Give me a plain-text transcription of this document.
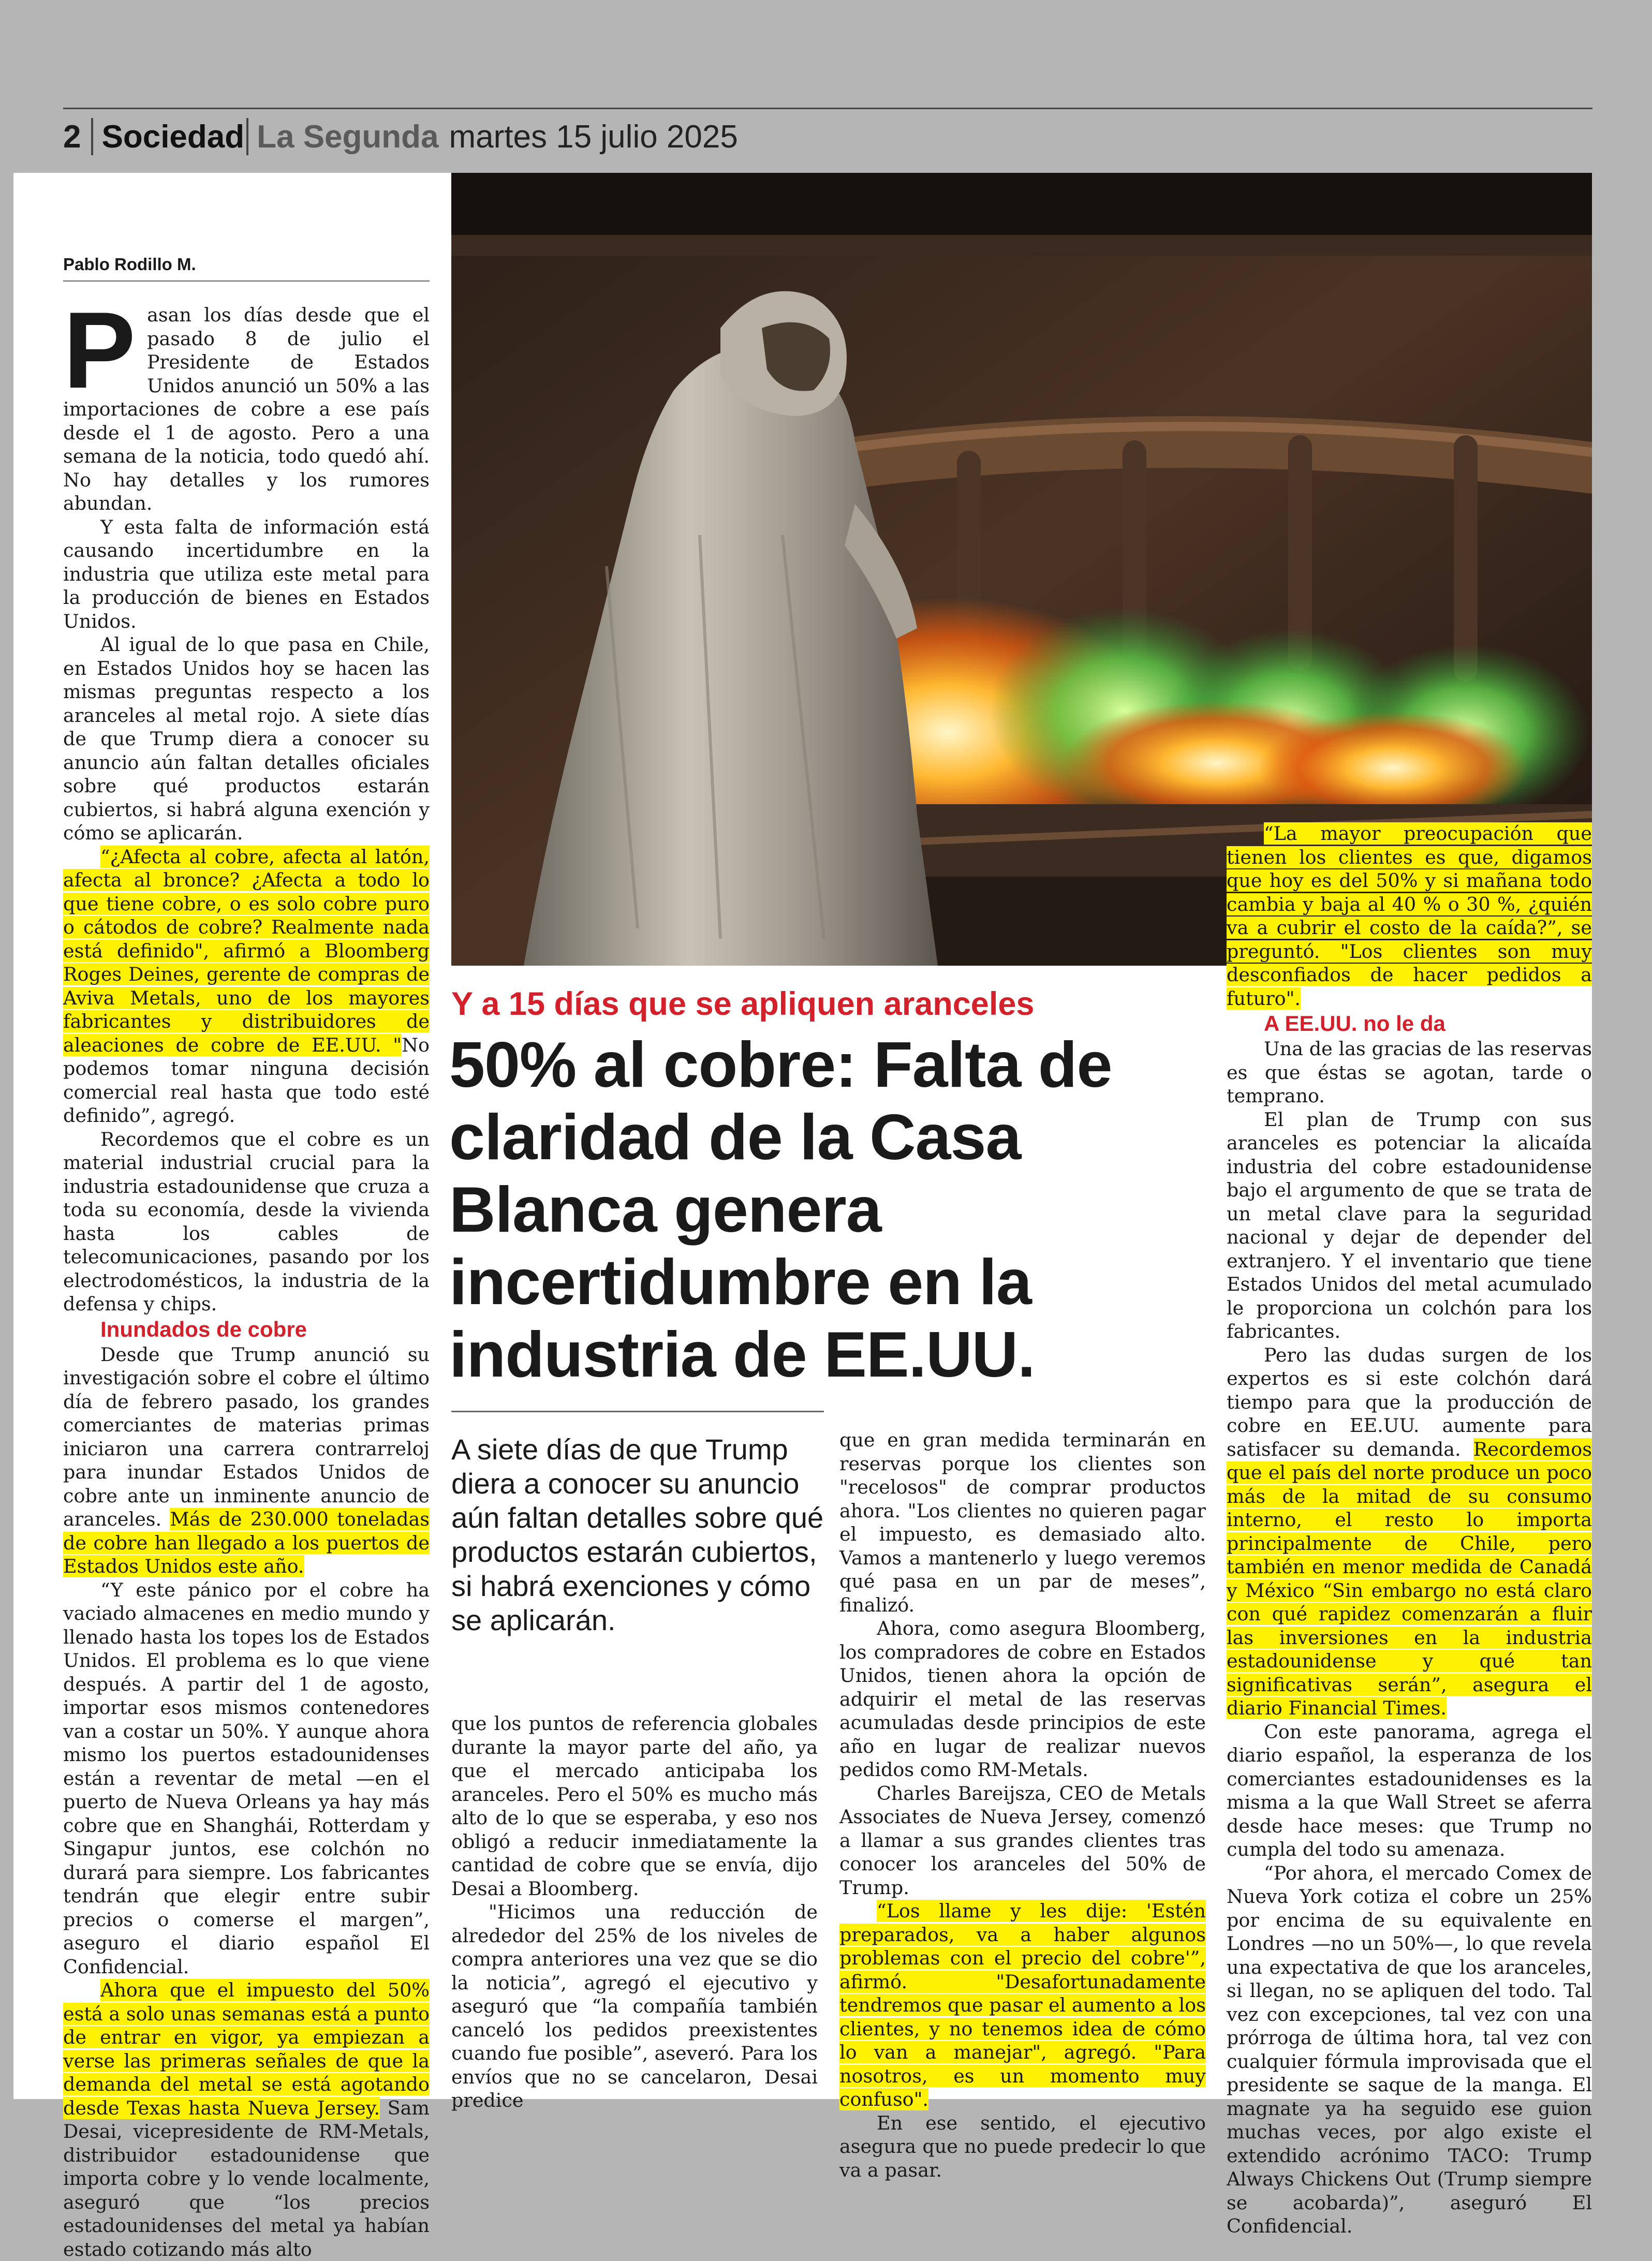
2 Sociedad La Segunda martes 15 julio 2025
Pablo Rodillo M.

Pasan los días desde que el pasado 8 de julio el Presidente de Estados Unidos anunció un 50% a las importaciones de cobre a ese país desde el 1 de agosto. Pero a una semana de la noticia, todo quedó ahí. No hay detalles y los rumores abundan.

Y esta falta de información está causando incertidumbre en la industria que utiliza este metal para la producción de bienes en Estados Unidos.

Al igual de lo que pasa en Chile, en Estados Unidos hoy se hacen las mismas preguntas respecto a los aranceles al metal rojo. A siete días de que Trump diera a conocer su anuncio aún faltan detalles oficiales sobre qué productos estarán cubiertos, si habrá alguna exención y cómo se aplicarán.

“¿Afecta al cobre, afecta al latón, afecta al bronce? ¿Afecta a todo lo que tiene cobre, o es solo cobre puro o cátodos de cobre? Realmente nada está definido", afirmó a Bloomberg Roges Deines, gerente de compras de Aviva Metals, uno de los mayores fabricantes y distribuidores de aleaciones de cobre de EE.UU. "No podemos tomar ninguna decisión comercial real hasta que todo esté definido”, agregó.

Recordemos que el cobre es un material industrial crucial para la industria estadounidense que cruza a toda su economía, desde la vivienda hasta los cables de telecomunicaciones, pasando por los electrodomésticos, la industria de la defensa y chips.

Inundados de cobre

Desde que Trump anunció su investigación sobre el cobre el último día de febrero pasado, los grandes comerciantes de materias primas iniciaron una carrera contrarreloj para inundar Estados Unidos de cobre ante un inminente anuncio de aranceles. Más de 230.000 toneladas de cobre han llegado a los puertos de Estados Unidos este año.

“Y este pánico por el cobre ha vaciado almacenes en medio mundo y llenado hasta los topes los de Estados Unidos. El problema es lo que viene después. A partir del 1 de agosto, importar esos mismos contenedores van a costar un 50%. Y aunque ahora mismo los puertos estadounidenses están a reventar de metal —en el puerto de Nueva Orleans ya hay más cobre que en Shanghái, Rotterdam y Singapur juntos, ese colchón no durará para siempre. Los fabricantes tendrán que elegir entre subir precios o comerse el margen”, aseguro el diario español El Confidencial.

Ahora que el impuesto del 50% está a solo unas semanas está a punto de entrar en vigor, ya empiezan a verse las primeras señales de que la demanda del metal se está agotando desde Texas hasta Nueva Jersey. Sam Desai, vicepresidente de RM-Metals, distribuidor estadounidense que importa cobre y lo vende localmente, aseguró que “los precios estadounidenses del metal ya habían estado cotizando más alto

Y a 15 días que se apliquen aranceles
50% al cobre: Falta de claridad de la Casa Blanca genera incertidumbre en la industria de EE.UU.
A siete días de que Trump diera a conocer su anuncio aún faltan detalles sobre qué productos estarán cubiertos, si habrá exenciones y cómo se aplicarán.

que los puntos de referencia globales durante la mayor parte del año, ya que el mercado anticipaba los aranceles. Pero el 50% es mucho más alto de lo que se esperaba, y eso nos obligó a reducir inmediatamente la cantidad de cobre que se envía, dijo Desai a Bloomberg.

"Hicimos una reducción de alrededor del 25% de los niveles de compra anteriores una vez que se dio la noticia”, agregó el ejecutivo y aseguró que “la compañía también canceló los pedidos preexistentes cuando fue posible”, aseveró. Para los envíos que no se cancelaron, Desai predice

que en gran medida terminarán en reservas porque los clientes son "recelosos" de comprar productos ahora. "Los clientes no quieren pagar el impuesto, es demasiado alto. Vamos a mantenerlo y luego veremos qué pasa en un par de meses”, finalizó.

Ahora, como asegura Bloomberg, los compradores de cobre en Estados Unidos, tienen ahora la opción de adquirir el metal de las reservas acumuladas desde principios de este año en lugar de realizar nuevos pedidos como RM-Metals.

Charles Bareijsza, CEO de Metals Associates de Nueva Jersey, comenzó a llamar a sus grandes clientes tras conocer los aranceles del 50% de Trump.

“Los llame y les dije: 'Estén preparados, va a haber algunos problemas con el precio del cobre'”, afirmó. "Desafortunadamente tendremos que pasar el aumento a los clientes, y no tenemos idea de cómo lo van a manejar", agregó. "Para nosotros, es un momento muy confuso".

En ese sentido, el ejecutivo asegura que no puede predecir lo que va a pasar.

“La mayor preocupación que tienen los clientes es que, digamos que hoy es del 50% y si mañana todo cambia y baja al 40 % o 30 %, ¿quién va a cubrir el costo de la caída?”, se preguntó. "Los clientes son muy desconfiados de hacer pedidos a futuro".

A EE.UU. no le da

Una de las gracias de las reservas es que éstas se agotan, tarde o temprano.

El plan de Trump con sus aranceles es potenciar la alicaída industria del cobre estadounidense bajo el argumento de que se trata de un metal clave para la seguridad nacional y dejar de depender del extranjero. Y el inventario que tiene Estados Unidos del metal acumulado le proporciona un colchón para los fabricantes.

Pero las dudas surgen de los expertos es si este colchón dará tiempo para que la producción de cobre en EE.UU. aumente para satisfacer su demanda. Recordemos que el país del norte produce un poco más de la mitad de su consumo interno, el resto lo importa principalmente de Chile, pero también en menor medida de Canadá y México “Sin embargo no está claro con qué rapidez comenzarán a fluir las inversiones en la industria estadounidense y qué tan significativas serán”, asegura el diario Financial Times.

Con este panorama, agrega el diario español, la esperanza de los comerciantes estadounidenses es la misma a la que Wall Street se aferra desde hace meses: que Trump no cumpla del todo su amenaza.

“Por ahora, el mercado Comex de Nueva York cotiza el cobre un 25% por encima de su equivalente en Londres —no un 50%—, lo que revela una expectativa de que los aranceles, si llegan, no se apliquen del todo. Tal vez con excepciones, tal vez con una prórroga de última hora, tal vez con cualquier fórmula improvisada que el presidente se saque de la manga. El magnate ya ha seguido ese guion muchas veces, por algo existe el extendido acrónimo TACO: Trump Always Chickens Out (Trump siempre se acobarda)”, aseguró El Confidencial.
